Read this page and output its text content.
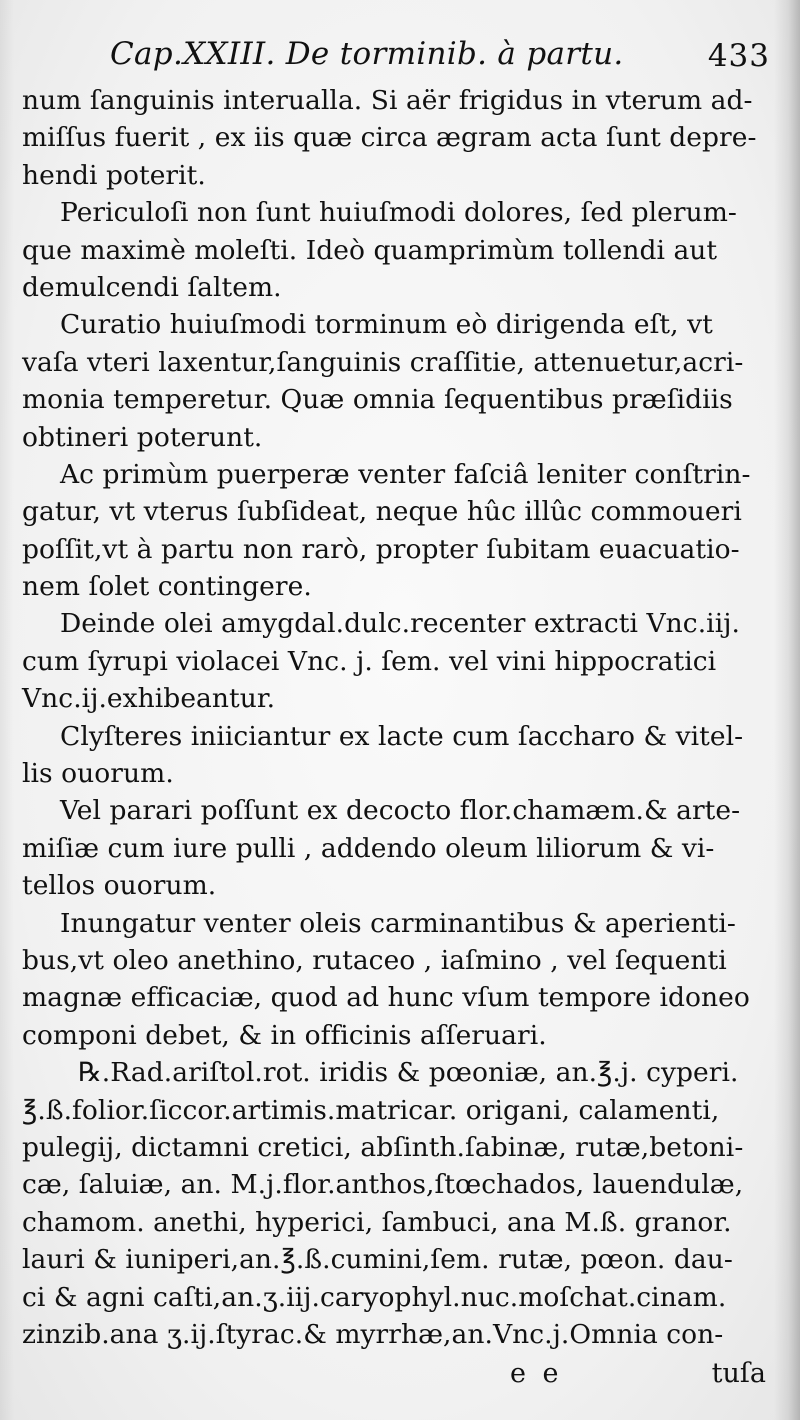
Cap.XXIII. De torminib. à partu.	433
num ſanguinis interualla. Si aër frigidus in vterum ad-
miſſus fuerit , ex iis quæ circa ægram acta ſunt depre-
hendi poterit.
Periculoſi non ſunt huiuſmodi dolores, ſed plerum-
que maximè moleſti. Ideò quamprimùm tollendi aut
demulcendi ſaltem.
Curatio huiuſmodi torminum eò dirigenda eſt, vt
vaſa vteri laxentur,ſanguinis craſſitie, attenuetur,acri-
monia temperetur. Quæ omnia ſequentibus præſidiis
obtineri poterunt.
Ac primùm puerperæ venter faſciâ leniter conſtrin-
gatur, vt vterus ſubſideat, neque hûc illûc commoueri
poſſit,vt à partu non rarò, propter ſubitam euacuatio-
nem ſolet contingere.
Deinde olei amygdal.dulc.recenter extracti Vnc.iij.
cum ſyrupi violacei Vnc. j. ſem. vel vini hippocratici
Vnc.ij.exhibeantur.
Clyſteres iniiciantur ex lacte cum ſaccharo & vitel-
lis ouorum.
Vel parari poſſunt ex decocto flor.chamæm.& arte-
miſiæ cum iure pulli , addendo oleum liliorum & vi-
tellos ouorum.
Inungatur venter oleis carminantibus & aperienti-
bus,vt oleo anethino, rutaceo , iaſmino , vel ſequenti
magnæ efficaciæ, quod ad hunc vſum tempore idoneo
componi debet, & in officinis aſſeruari.
℞.Rad.ariſtol.rot. iridis & pœoniæ, an.℥.j. cyperi.
℥.ß.folior.ſiccor.artimis.matricar. origani, calamenti,
pulegij, dictamni cretici, abſinth.ſabinæ, rutæ,betoni-
cæ, ſaluiæ, an. M.j.flor.anthos,ſtœchados, lauendulæ,
chamom. anethi, hyperici, ſambuci, ana M.ß. granor.
lauri & iuniperi,an.℥.ß.cumini,ſem. rutæ, pœon. dau-
ci & agni caſti,an.ʒ.iij.caryophyl.nuc.moſchat.cinam.
zinzib.ana ʒ.ij.ſtyrac.& myrrhæ,an.Vnc.j.Omnia con-
e e	tuſa
